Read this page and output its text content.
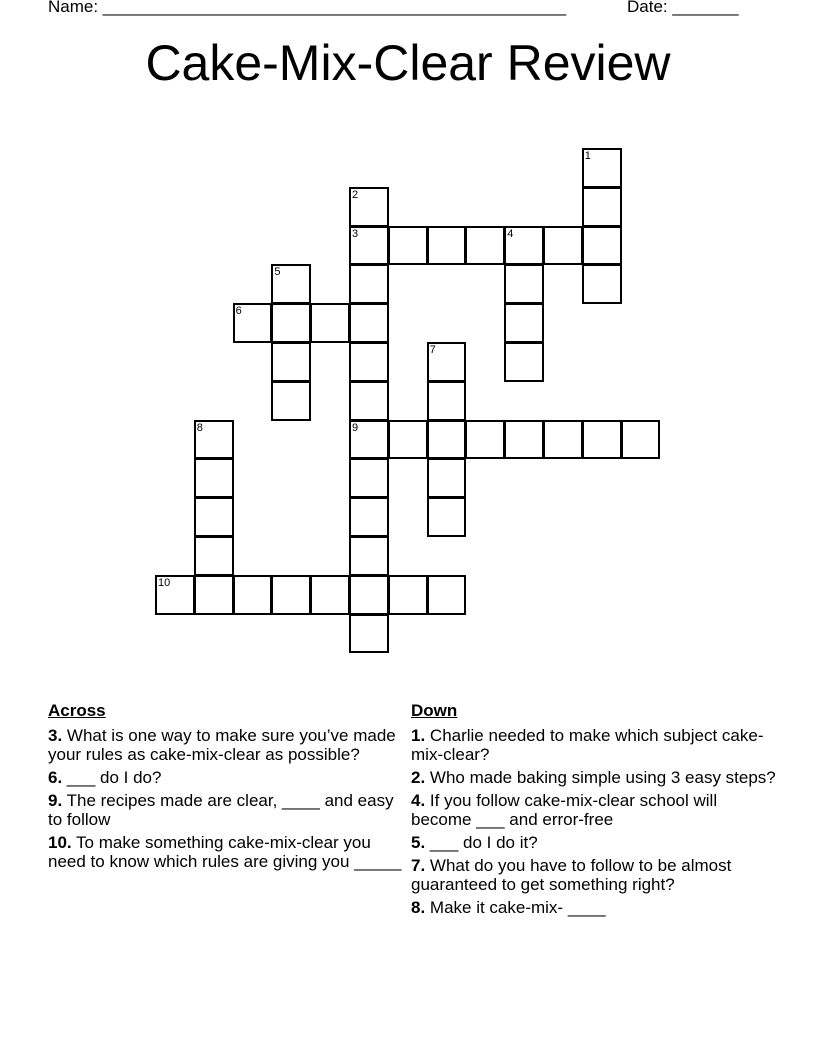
Name: _________________________________________________	Date: _______
Cake-Mix-Clear Review
1
2
3
9
4
5
6
7
8
10
Across
3. What is one way to make sure you’ve made your rules as cake-mix-clear as possible?
6. ___ do I do?
9. The recipes made are clear, ____ and easy to follow
10. To make something cake-mix-clear you need to know which rules are giving you _____
Down
1. Charlie needed to make which subject cake-mix-clear?
2. Who made baking simple using 3 easy steps?
4. If you follow cake-mix-clear school will become ___ and error-free
5. ___ do I do it?
7. What do you have to follow to be almost guaranteed to get something right?
8. Make it cake-mix- ____
